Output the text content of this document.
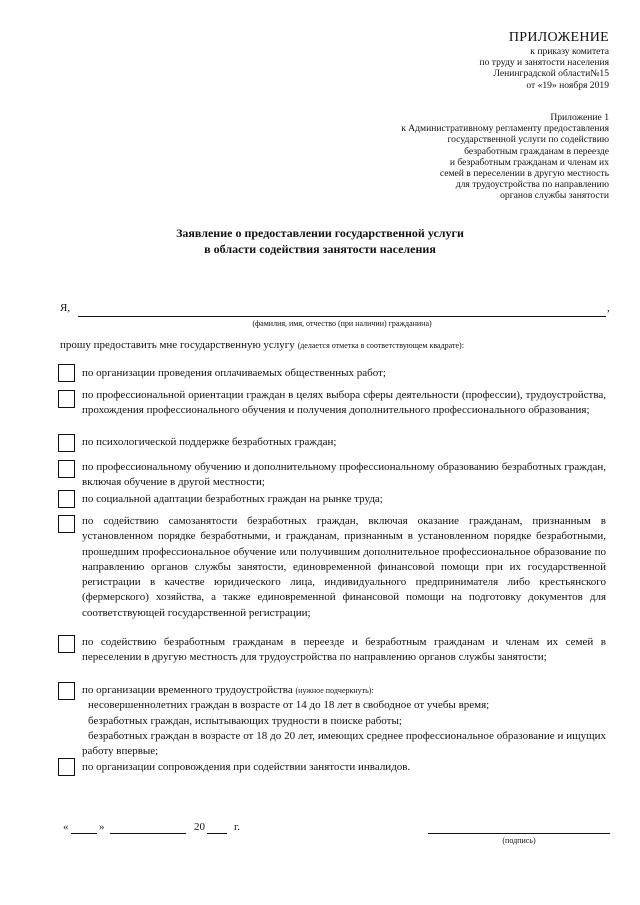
ПРИЛОЖЕНИЕ
к приказу комитета
по труду и занятости населения
Ленинградской области№15
от «19» ноября 2019
Приложение 1
к Административному регламенту предоставления
государственной услуги по содействию
безработным гражданам в переезде
и безработным гражданам и членам их
семей в переселении в другую местность
для трудоустройства по направлению
органов службы занятости
Заявление о предоставлении государственной услуги
в области содействия занятости населения
Я,	,
(фамилия, имя, отчество (при наличии) гражданина)
прошу предоставить мне государственную услугу (делается отметка в соответствующем квадрате):
по организации проведения оплачиваемых общественных работ;
по профессиональной ориентации граждан в целях выбора сферы деятельности (профессии), трудоустройства, прохождения профессионального обучения и получения дополнительного профессионального образования;
по психологической поддержке безработных граждан;
по профессиональному обучению и дополнительному профессиональному образованию безработных граждан, включая обучение в другой местности;
по социальной адаптации безработных граждан на рынке труда;
по содействию самозанятости безработных граждан, включая оказание гражданам, признанным в установленном порядке безработными, и гражданам, признанным в установленном порядке безработными, прошедшим профессиональное обучение или получившим дополнительное профессиональное образование по направлению органов службы занятости, единовременной финансовой помощи при их государственной регистрации в качестве юридического лица, индивидуального предпринимателя либо крестьянского (фермерского) хозяйства, а также единовременной финансовой помощи на подготовку документов для соответствующей государственной регистрации;
по содействию безработным гражданам в переезде и безработным гражданам и членам их семей в переселении в другую местность для трудоустройства по направлению органов службы занятости;
по организации временного трудоустройства (нужное подчеркнуть):
несовершеннолетних граждан в возрасте от 14 до 18 лет в свободное от учебы время;
безработных граждан, испытывающих трудности в поиске работы;
безработных граждан в возрасте от 18 до 20 лет, имеющих среднее профессиональное образование и ищущих работу впервые;
по организации сопровождения при содействии занятости инвалидов.
«	»	20	г.
(подпись)
